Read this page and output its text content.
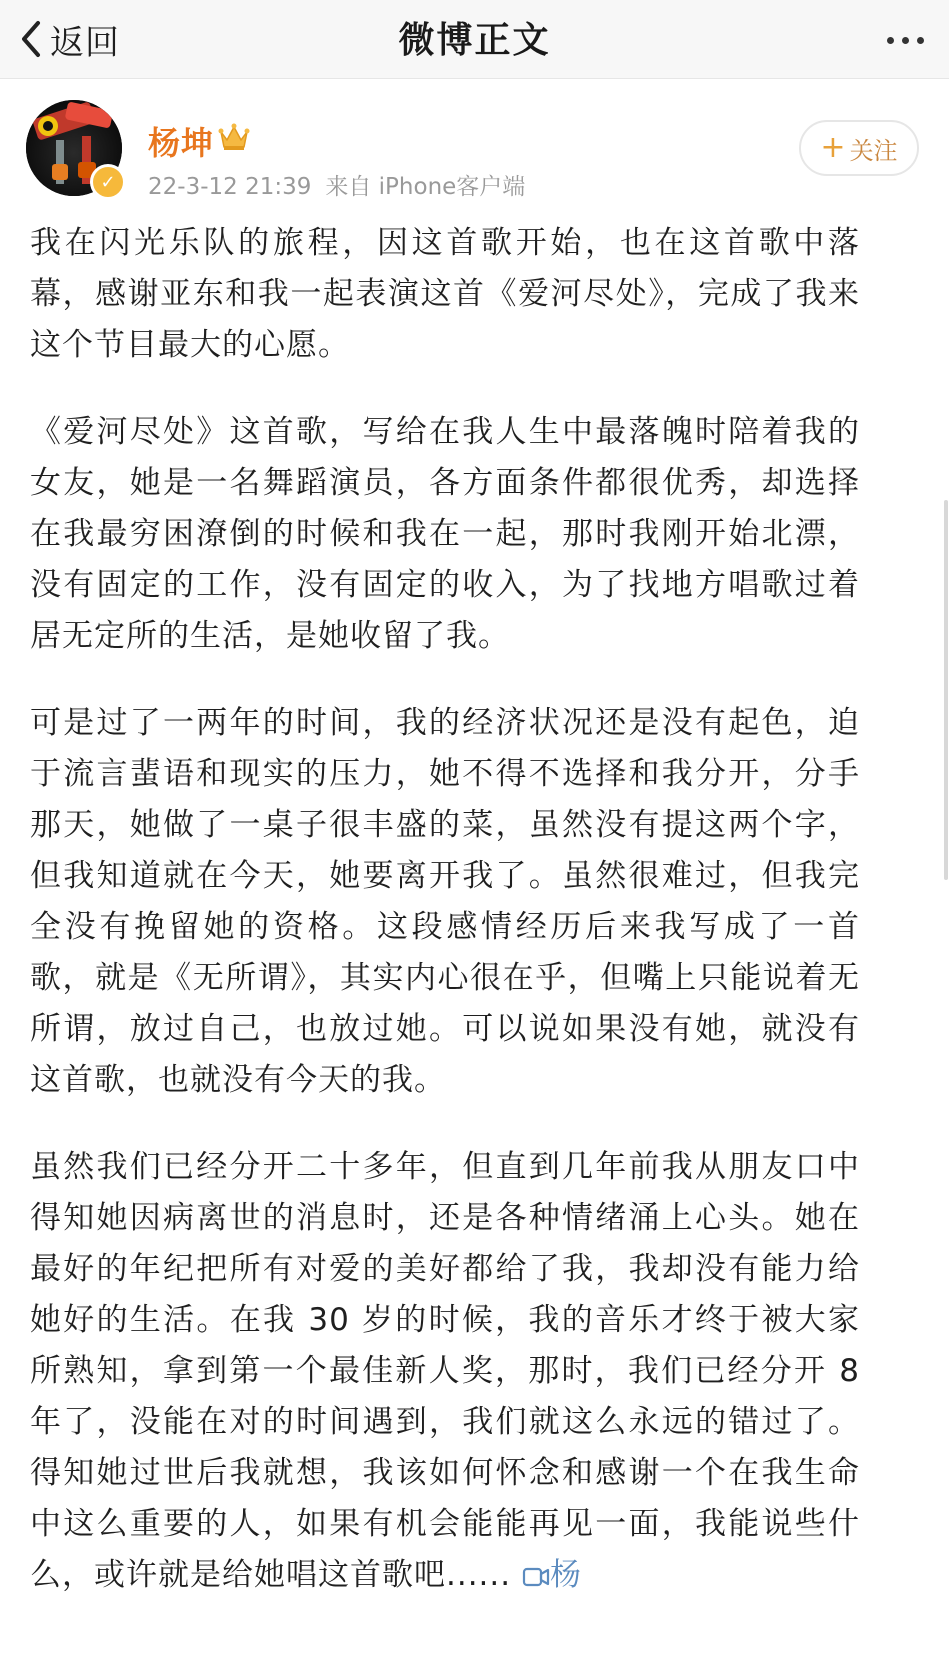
返回	微博正文
✓
杨坤
22-3-12 21:39 来自 iPhone客户端
+ 关注

我在闪光乐队的旅程，因这首歌开始，也在这首歌中落幕，感谢亚东和我一起表演这首《爱河尽处》，完成了我来这个节目最大的心愿。

《爱河尽处》这首歌，写给在我人生中最落魄时陪着我的女友，她是一名舞蹈演员，各方面条件都很优秀，却选择在我最穷困潦倒的时候和我在一起，那时我刚开始北漂，没有固定的工作，没有固定的收入，为了找地方唱歌过着居无定所的生活，是她收留了我。

可是过了一两年的时间，我的经济状况还是没有起色，迫于流言蜚语和现实的压力，她不得不选择和我分开，分手那天，她做了一桌子很丰盛的菜，虽然没有提这两个字，但我知道就在今天，她要离开我了。虽然很难过，但我完全没有挽留她的资格。这段感情经历后来我写成了一首歌，就是《无所谓》，其实内心很在乎，但嘴上只能说着无所谓，放过自己，也放过她。可以说如果没有她，就没有这首歌，也就没有今天的我。

虽然我们已经分开二十多年，但直到几年前我从朋友口中得知她因病离世的消息时，还是各种情绪涌上心头。她在最好的年纪把所有对爱的美好都给了我，我却没有能力给她好的生活。在我 30 岁的时候，我的音乐才终于被大家所熟知，拿到第一个最佳新人奖，那时，我们已经分开 8 年了，没能在对的时间遇到，我们就这么永远的错过了。得知她过世后我就想，我该如何怀念和感谢一个在我生命中这么重要的人，如果有机会能能再见一面，我能说些什么，或许就是给她唱这首歌吧...... 杨
